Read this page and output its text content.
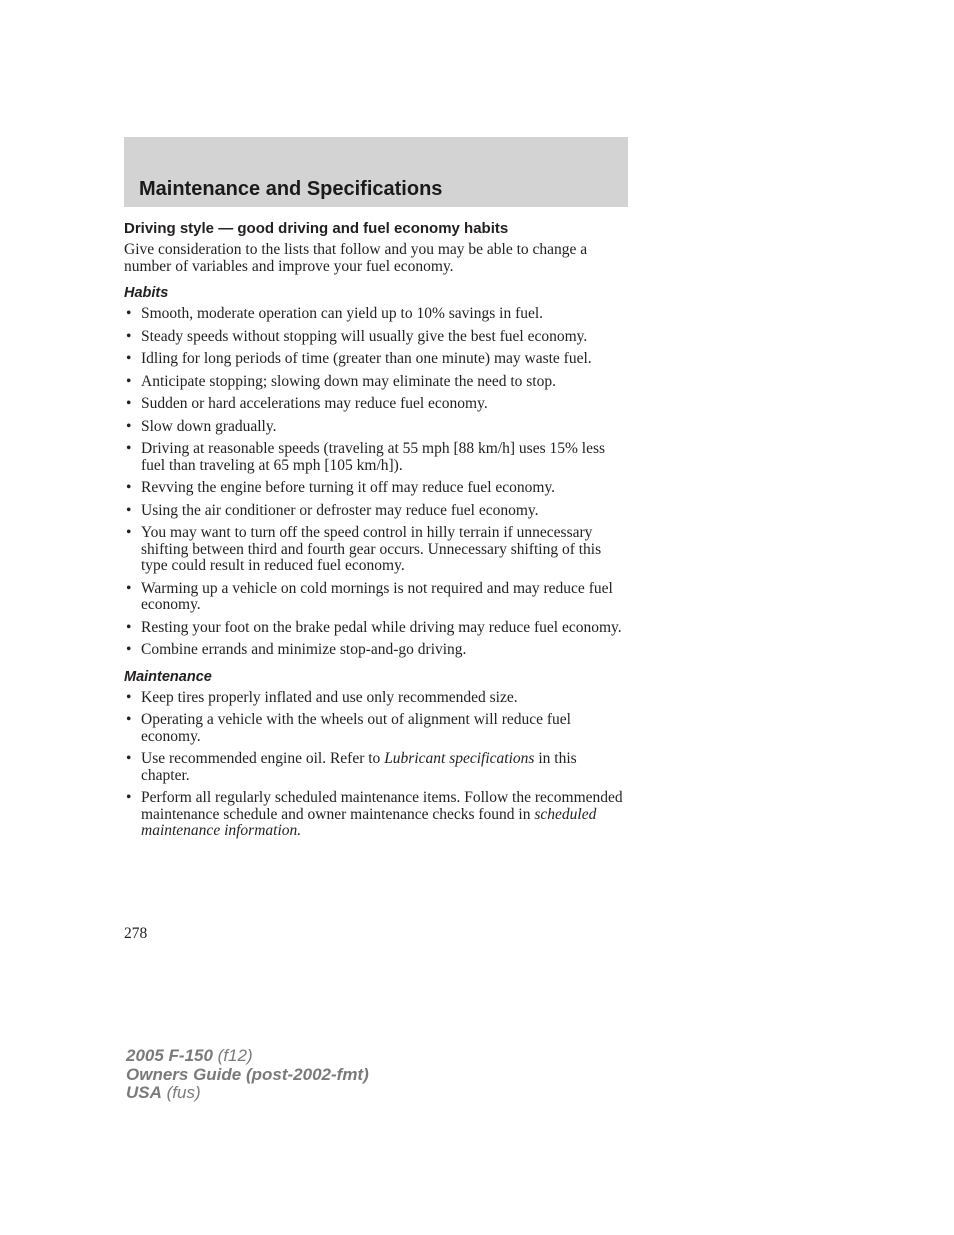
Maintenance and Specifications
Driving style — good driving and fuel economy habits

Give consideration to the lists that follow and you may be able to change a number of variables and improve your fuel economy.

Habits
• Smooth, moderate operation can yield up to 10% savings in fuel.
• Steady speeds without stopping will usually give the best fuel economy.
• Idling for long periods of time (greater than one minute) may waste fuel.
• Anticipate stopping; slowing down may eliminate the need to stop.
• Sudden or hard accelerations may reduce fuel economy.
• Slow down gradually.
• Driving at reasonable speeds (traveling at 55 mph [88 km/h] uses 15% less fuel than traveling at 65 mph [105 km/h]).
• Revving the engine before turning it off may reduce fuel economy.
• Using the air conditioner or defroster may reduce fuel economy.
• You may want to turn off the speed control in hilly terrain if unnecessary shifting between third and fourth gear occurs. Unnecessary shifting of this type could result in reduced fuel economy.
• Warming up a vehicle on cold mornings is not required and may reduce fuel economy.
• Resting your foot on the brake pedal while driving may reduce fuel economy.
• Combine errands and minimize stop-and-go driving.
Maintenance
• Keep tires properly inflated and use only recommended size.
• Operating a vehicle with the wheels out of alignment will reduce fuel economy.
• Use recommended engine oil. Refer to Lubricant specifications in this chapter.
• Perform all regularly scheduled maintenance items. Follow the recommended maintenance schedule and owner maintenance checks found in scheduled maintenance information.
278
2005 F-150 (f12)
Owners Guide (post-2002-fmt)
USA (fus)
